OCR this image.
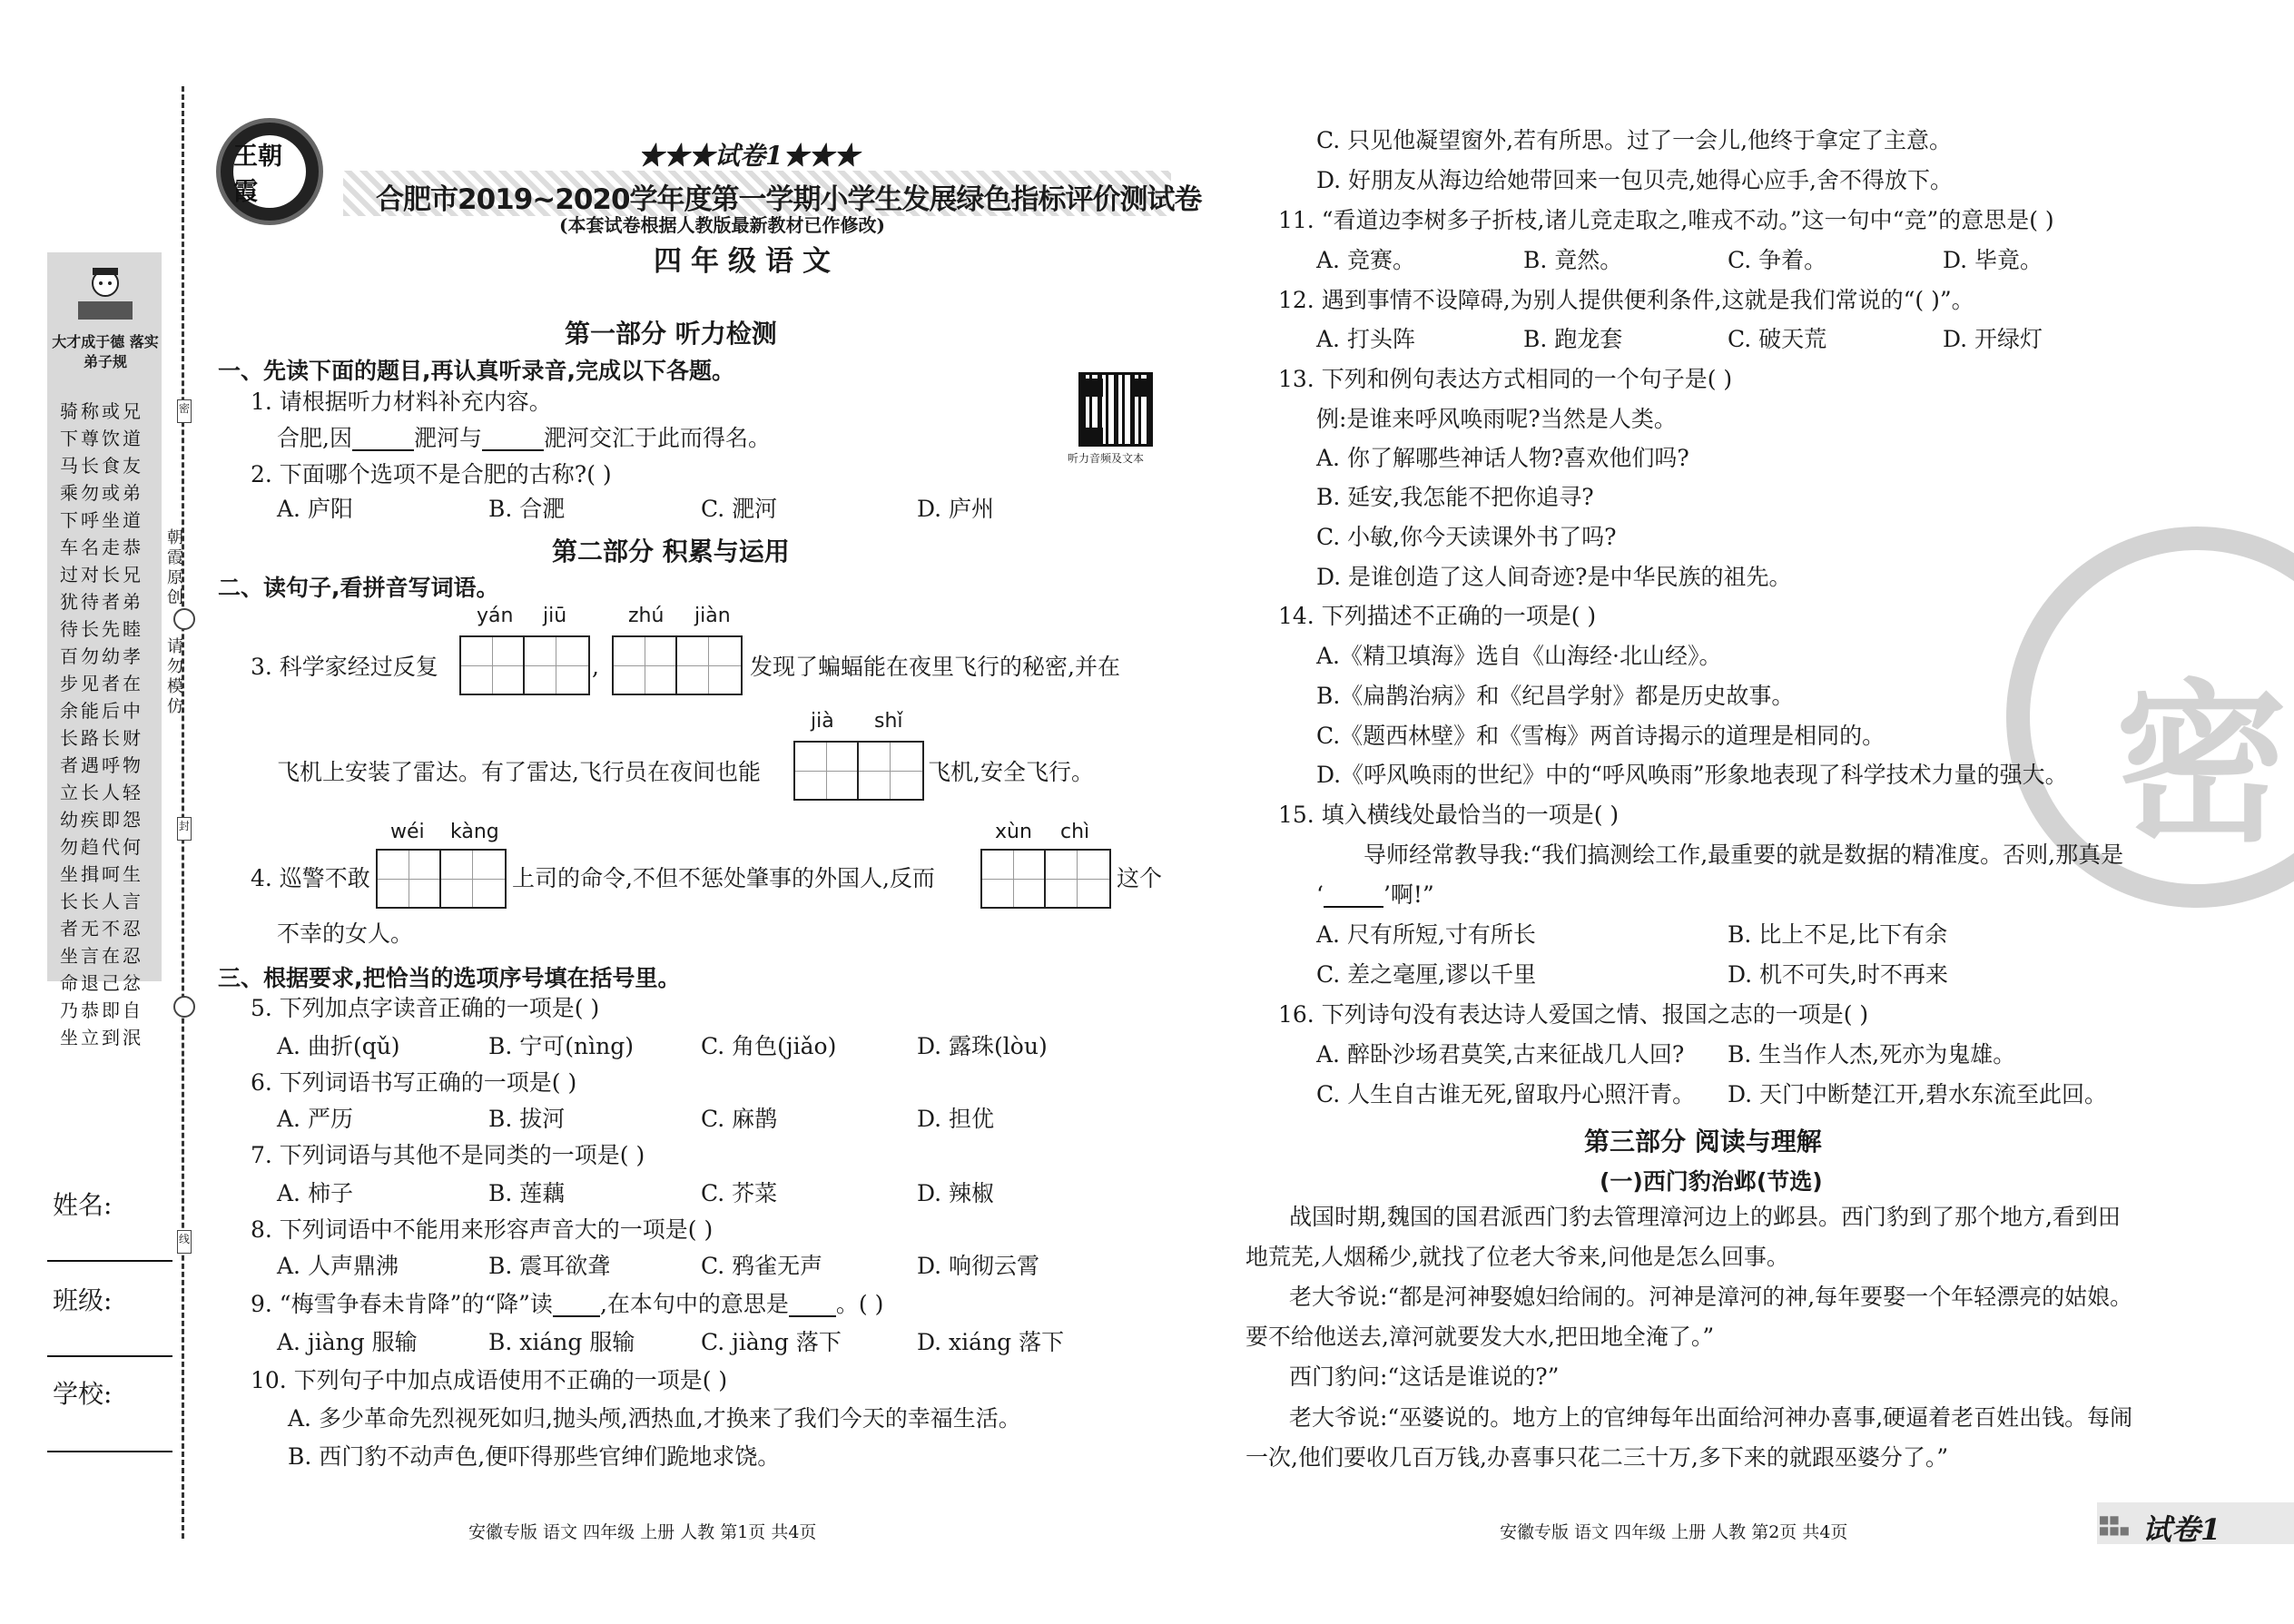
密
封
线
大才成于德 落实弟子规
骑称或兄下尊饮道马长食友乘勿或弟下呼坐道车名走恭过对长兄犹待者弟待长先睦百勿幼孝步见者在余能后中长路长财者遇呼物立长人轻幼疾即怨勿趋代何坐揖呵生长长人言者无不忍坐言在忍命退己忿乃恭即自坐立到泯
朝霞原创
请勿模仿
姓名:
班级:
学校:
王朝霞
★★★试卷1★★★
合肥市2019~2020学年度第一学期小学生发展绿色指标评价测试卷
(本套试卷根据人教版最新教材已作修改)
四年级语文
听力音频及文本
第一部分 听力检测
一、先读下面的题目,再认真听录音,完成以下各题。
1. 请根据听力材料补充内容。
合肥,因	淝河与	淝河交汇于此而得名。
2. 下面哪个选项不是合肥的古称?( )
A. 庐阳	B. 合淝	C. 淝河	D. 庐州
第二部分 积累与运用
二、读句子,看拼音写词语。
yán jiū	zhú jiàn
3. 科学家经过反复	,	发现了蝙蝠能在夜里飞行的秘密,并在
jià shǐ
飞机上安装了雷达。有了雷达,飞行员在夜间也能	飞机,安全飞行。
wéi kàng	xùn chì
4. 巡警不敢	上司的命令,不但不惩处肇事的外国人,反而	这个
不幸的女人。
三、根据要求,把恰当的选项序号填在括号里。
5. 下列加点字读音正确的一项是( )
A. 曲折(qǔ)	B. 宁可(nìng)	C. 角色(jiǎo)	D. 露珠(lòu)
6. 下列词语书写正确的一项是( )
A. 严历	B. 拔河	C. 麻鹊	D. 担优
7. 下列词语与其他不是同类的一项是( )
A. 柿子	B. 莲藕	C. 芥菜	D. 辣椒
8. 下列词语中不能用来形容声音大的一项是( )
A. 人声鼎沸	B. 震耳欲聋	C. 鸦雀无声	D. 响彻云霄
9. “梅雪争春未肯降”的“降”读 ,在本句中的意思是 。( )
A. jiàng 服输	B. xiáng 服输	C. jiàng 落下	D. xiáng 落下
10. 下列句子中加点成语使用不正确的一项是( )
A. 多少革命先烈视死如归,抛头颅,洒热血,才换来了我们今天的幸福生活。
B. 西门豹不动声色,便吓得那些官绅们跪地求饶。
安徽专版 语文 四年级 上册 人教 第1页 共4页
密
C. 只见他凝望窗外,若有所思。过了一会儿,他终于拿定了主意。
D. 好朋友从海边给她带回来一包贝壳,她得心应手,舍不得放下。
11. “看道边李树多子折枝,诸儿竞走取之,唯戎不动。”这一句中“竞”的意思是( )
A. 竞赛。	B. 竟然。	C. 争着。	D. 毕竟。
12. 遇到事情不设障碍,为别人提供便利条件,这就是我们常说的“( )”。
A. 打头阵	B. 跑龙套	C. 破天荒	D. 开绿灯
13. 下列和例句表达方式相同的一个句子是( )
例:是谁来呼风唤雨呢?当然是人类。
A. 你了解哪些神话人物?喜欢他们吗?
B. 延安,我怎能不把你追寻?
C. 小敏,你今天读课外书了吗?
D. 是谁创造了这人间奇迹?是中华民族的祖先。
14. 下列描述不正确的一项是( )
A.《精卫填海》选自《山海经·北山经》。
B.《扁鹊治病》和《纪昌学射》都是历史故事。
C.《题西林壁》和《雪梅》两首诗揭示的道理是相同的。
D.《呼风唤雨的世纪》中的“呼风唤雨”形象地表现了科学技术力量的强大。
15. 填入横线处最恰当的一项是( )
导师经常教导我:“我们搞测绘工作,最重要的就是数据的精准度。否则,那真是
‘	’啊!”
A. 尺有所短,寸有所长	B. 比上不足,比下有余
C. 差之毫厘,谬以千里	D. 机不可失,时不再来
16. 下列诗句没有表达诗人爱国之情、报国之志的一项是( )
A. 醉卧沙场君莫笑,古来征战几人回? B. 生当作人杰,死亦为鬼雄。
C. 人生自古谁无死,留取丹心照汗青。 D. 天门中断楚江开,碧水东流至此回。
第三部分 阅读与理解
(一)西门豹治邺(节选)
战国时期,魏国的国君派西门豹去管理漳河边上的邺县。西门豹到了那个地方,看到田
地荒芜,人烟稀少,就找了位老大爷来,问他是怎么回事。
老大爷说:“都是河神娶媳妇给闹的。河神是漳河的神,每年要娶一个年轻漂亮的姑娘。
要不给他送去,漳河就要发大水,把田地全淹了。”
西门豹问:“这话是谁说的?”
老大爷说:“巫婆说的。地方上的官绅每年出面给河神办喜事,硬逼着老百姓出钱。每闹
一次,他们要收几百万钱,办喜事只花二三十万,多下来的就跟巫婆分了。”
安徽专版 语文 四年级 上册 人教 第2页 共4页
■■
■■■ 试卷1
